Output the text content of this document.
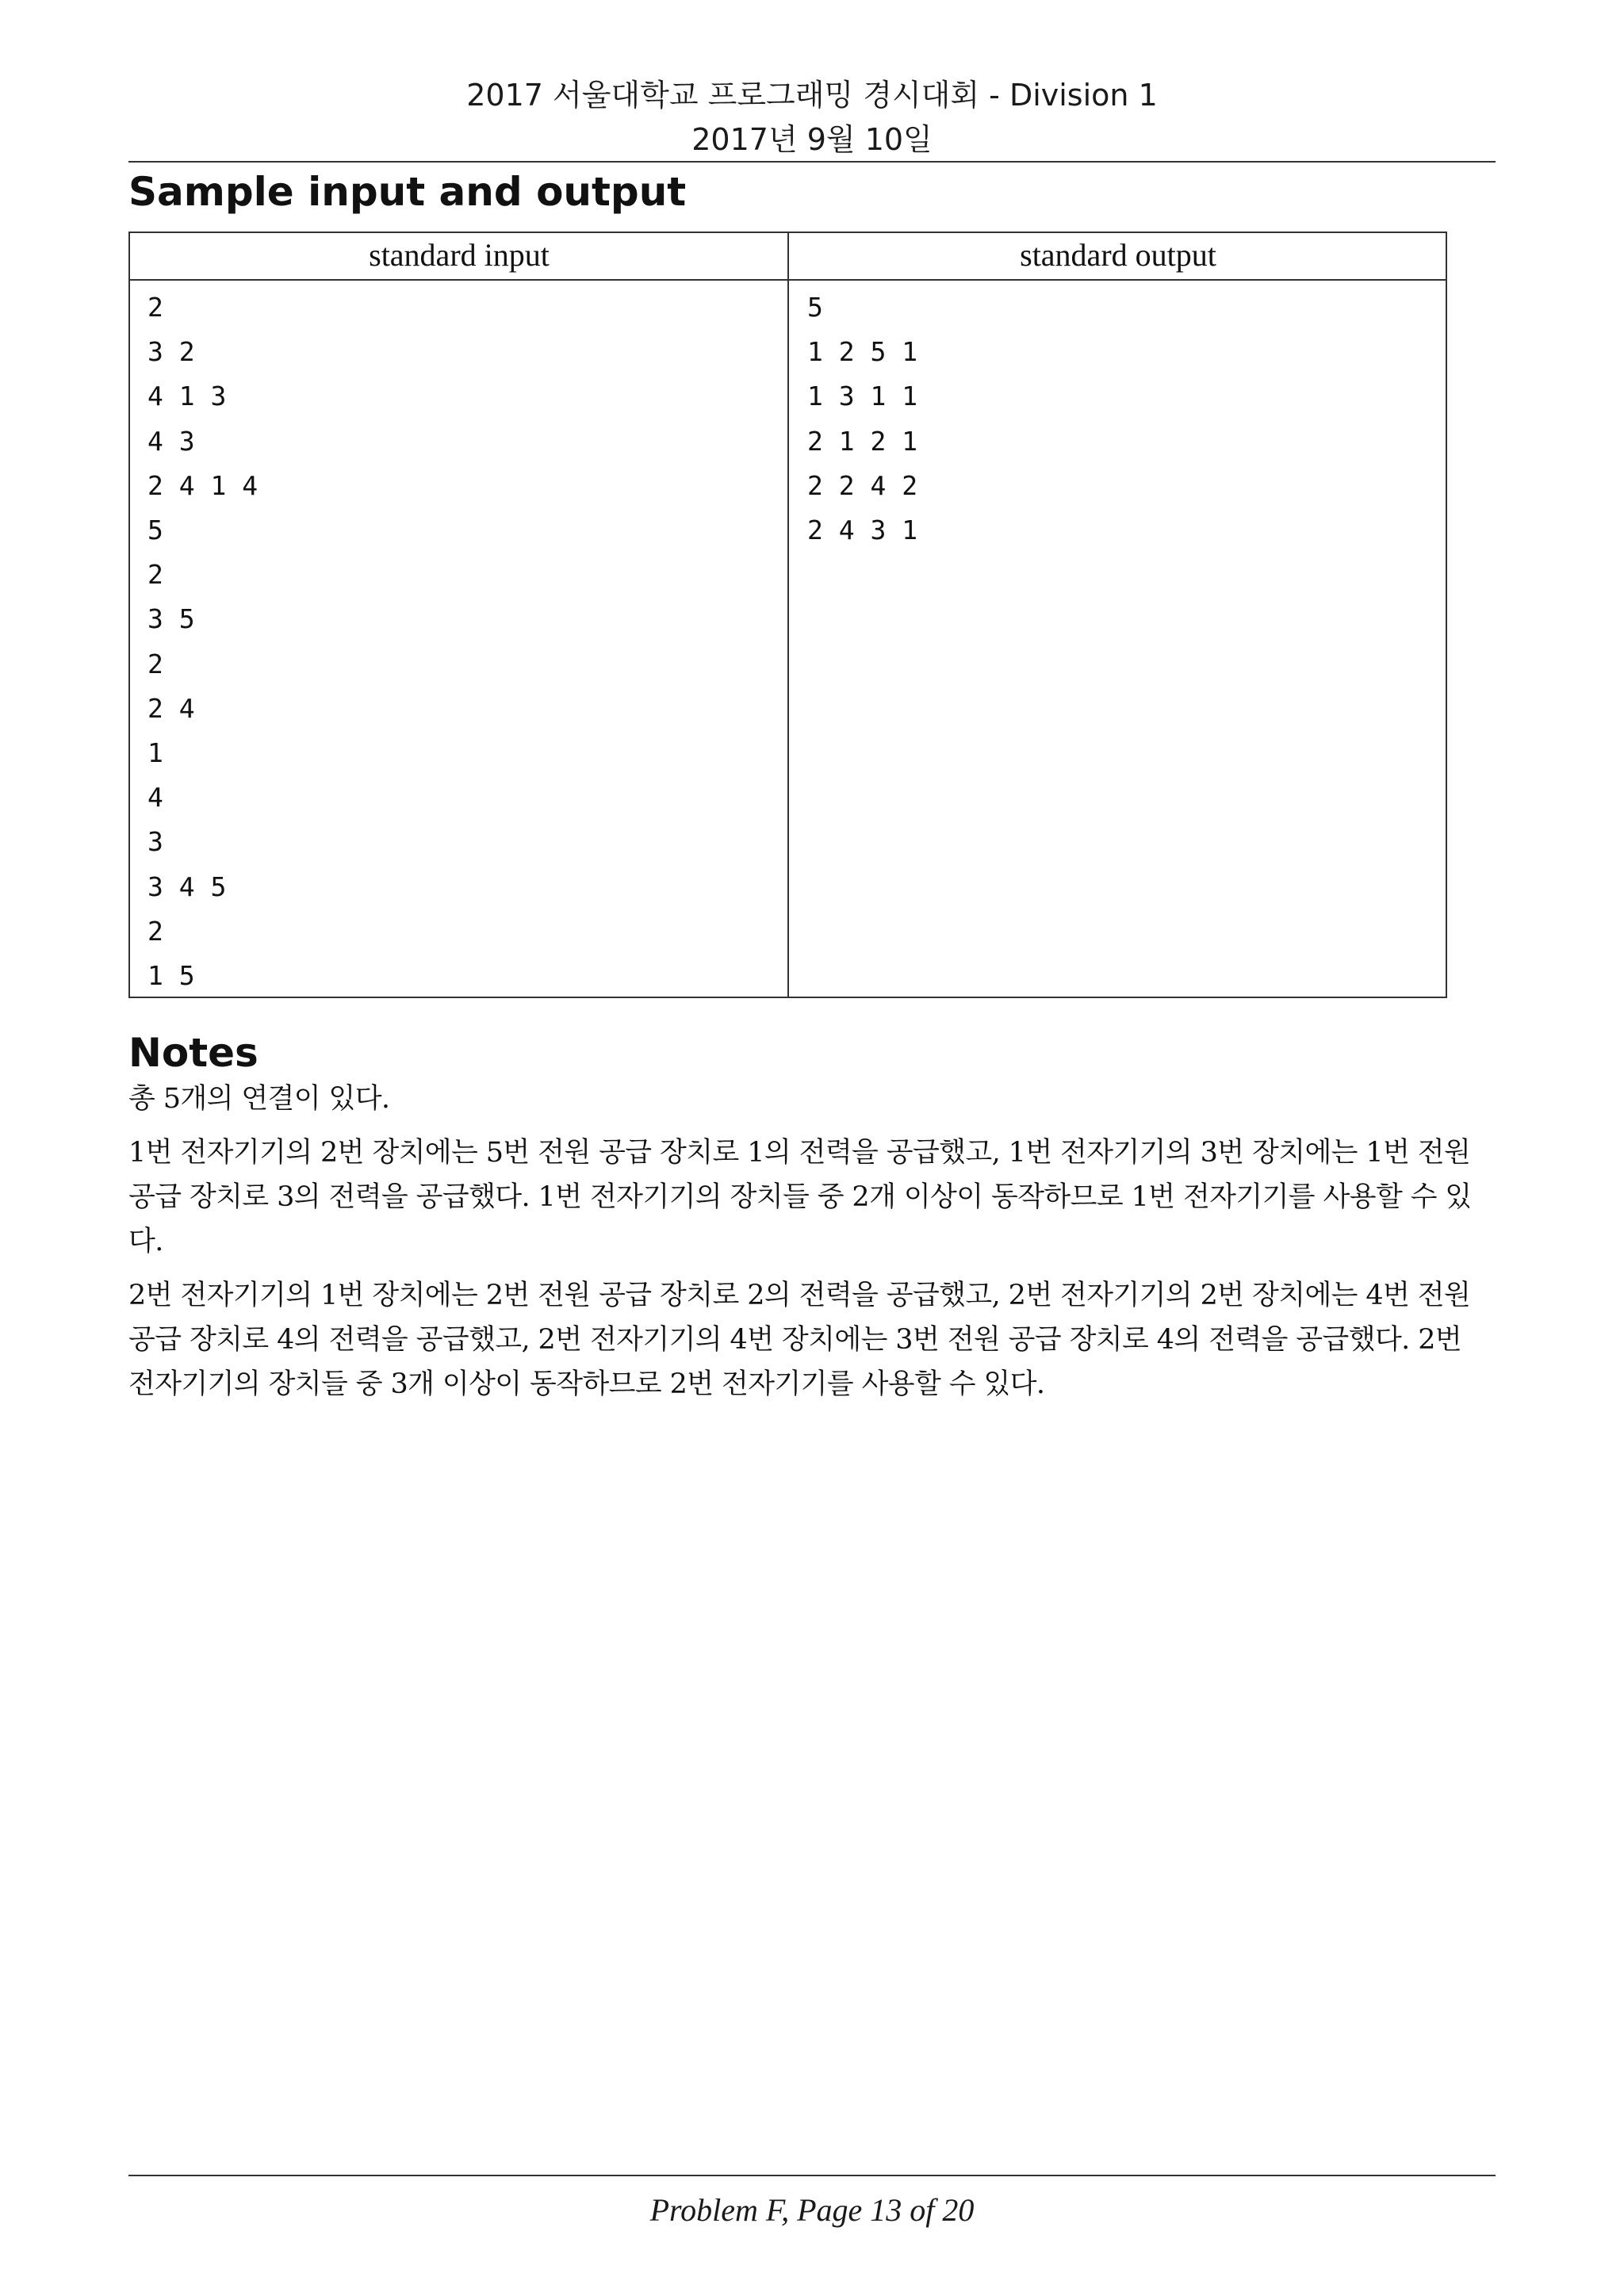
2017 서울대학교 프로그래밍 경시대회 - Division 1
2017년 9월 10일
Sample input and output
standard input	standard output
2
3 2
4 1 3
4 3
2 4 1 4
5
2
3 5
2
2 4
1
4
3
3 4 5
2
1 5
5
1 2 5 1
1 3 1 1
2 1 2 1
2 2 4 2
2 4 3 1
Notes

총 5개의 연결이 있다.

1번 전자기기의 2번 장치에는 5번 전원 공급 장치로 1의 전력을 공급했고, 1번 전자기기의 3번 장치에는 1번 전원 공급 장치로 3의 전력을 공급했다. 1번 전자기기의 장치들 중 2개 이상이 동작하므로 1번 전자기기를 사용할 수 있다.

2번 전자기기의 1번 장치에는 2번 전원 공급 장치로 2의 전력을 공급했고, 2번 전자기기의 2번 장치에는 4번 전원 공급 장치로 4의 전력을 공급했고, 2번 전자기기의 4번 장치에는 3번 전원 공급 장치로 4의 전력을 공급했다. 2번 전자기기의 장치들 중 3개 이상이 동작하므로 2번 전자기기를 사용할 수 있다.

Problem F, Page 13 of 20
